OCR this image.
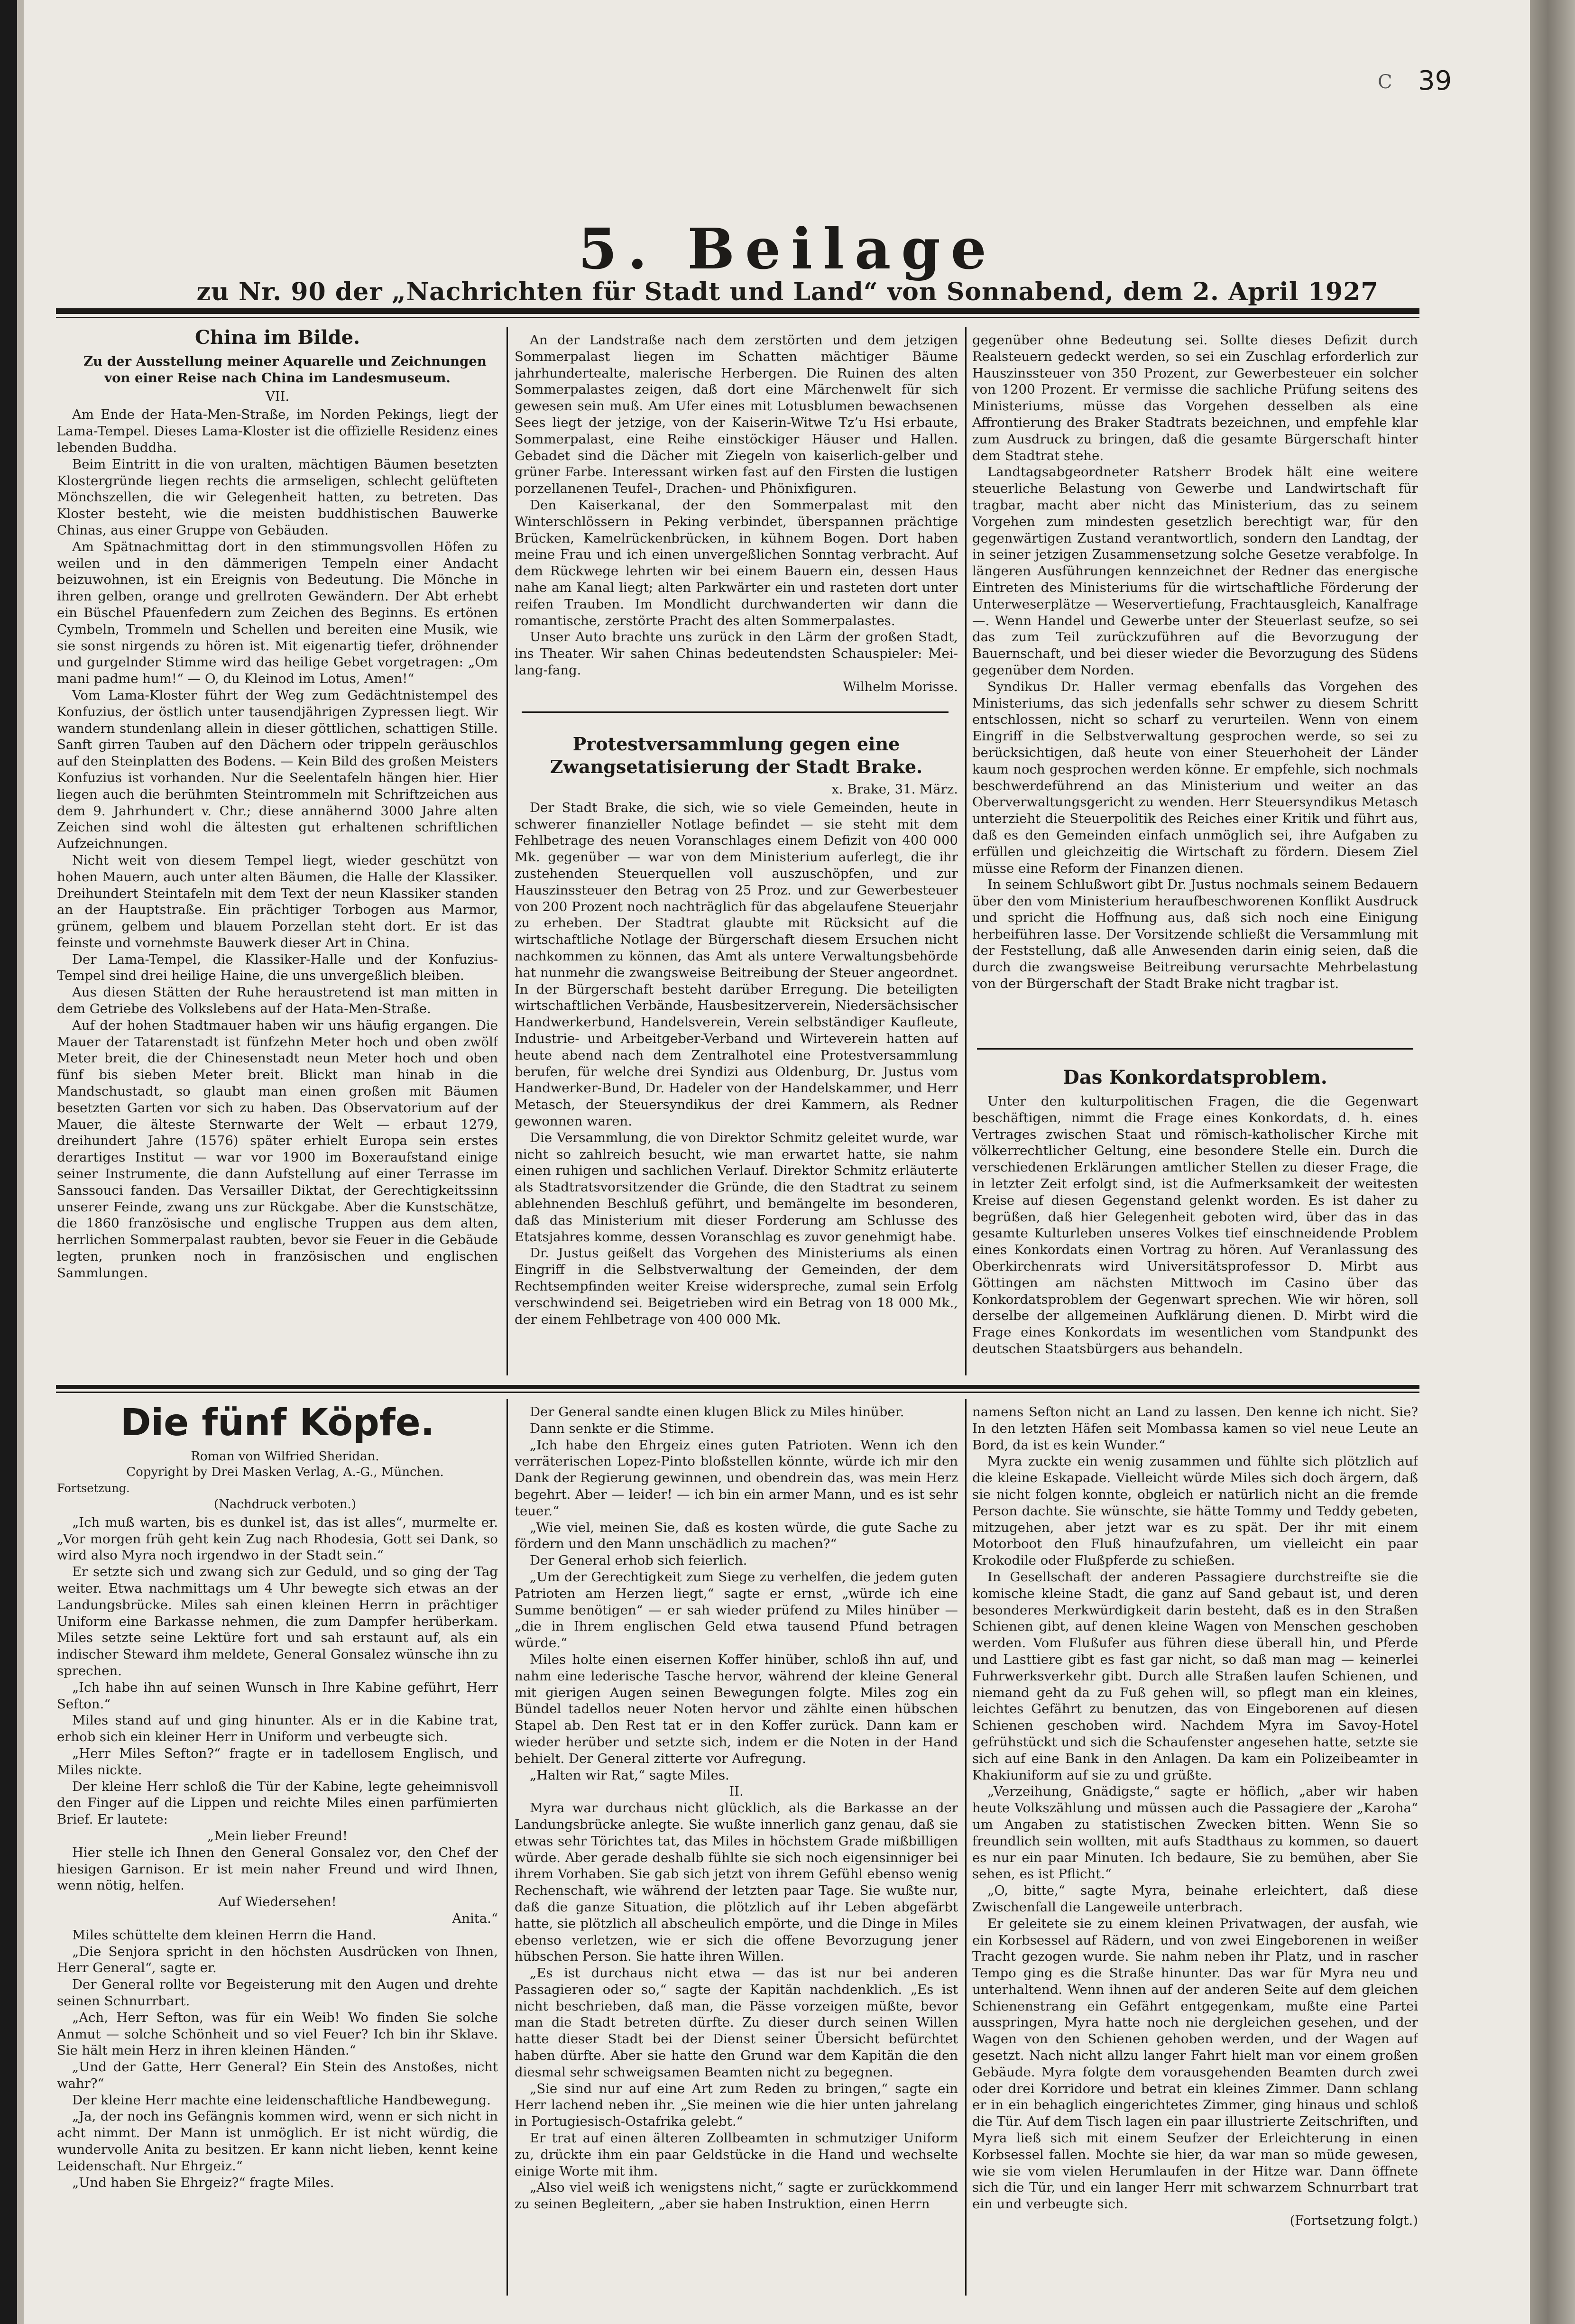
C 39
5. Beilage
zu Nr. 90 der „Nachrichten für Stadt und Land“ von Sonnabend, dem 2. April 1927
China im Bilde.

Zu der Ausstellung meiner Aquarelle und Zeichnungen von einer Reise nach China im Landesmuseum.

VII.

Am Ende der Hata-Men-Straße, im Norden Pekings, liegt der Lama-Tempel. Dieses Lama-Kloster ist die offizielle Residenz eines lebenden Buddha.

Beim Eintritt in die von uralten, mächtigen Bäumen besetzten Klostergründe liegen rechts die armseligen, schlecht gelüfteten Mönchszellen, die wir Gelegenheit hatten, zu betreten. Das Kloster besteht, wie die meisten buddhistischen Bauwerke Chinas, aus einer Gruppe von Gebäuden.

Am Spätnachmittag dort in den stimmungsvollen Höfen zu weilen und in den dämmerigen Tempeln einer Andacht beizuwohnen, ist ein Ereignis von Bedeutung. Die Mönche in ihren gelben, orange und grellroten Gewändern. Der Abt erhebt ein Büschel Pfauenfedern zum Zeichen des Beginns. Es ertönen Cymbeln, Trommeln und Schellen und bereiten eine Musik, wie sie sonst nirgends zu hören ist. Mit eigenartig tiefer, dröhnender und gurgelnder Stimme wird das heilige Gebet vorgetragen: „Om mani padme hum!“ — O, du Kleinod im Lotus, Amen!“

Vom Lama-Kloster führt der Weg zum Gedächtnistempel des Konfuzius, der östlich unter tausendjährigen Zypressen liegt. Wir wandern stundenlang allein in dieser göttlichen, schattigen Stille. Sanft girren Tauben auf den Dächern oder trippeln geräuschlos auf den Steinplatten des Bodens. — Kein Bild des großen Meisters Konfuzius ist vorhanden. Nur die Seelentafeln hängen hier. Hier liegen auch die berühmten Steintrommeln mit Schriftzeichen aus dem 9. Jahrhundert v. Chr.; diese annähernd 3000 Jahre alten Zeichen sind wohl die ältesten gut erhaltenen schriftlichen Aufzeichnungen.

Nicht weit von diesem Tempel liegt, wieder geschützt von hohen Mauern, auch unter alten Bäumen, die Halle der Klassiker. Dreihundert Steintafeln mit dem Text der neun Klassiker standen an der Hauptstraße. Ein prächtiger Torbogen aus Marmor, grünem, gelbem und blauem Porzellan steht dort. Er ist das feinste und vornehmste Bauwerk dieser Art in China.

Der Lama-Tempel, die Klassiker-Halle und der Konfuzius-Tempel sind drei heilige Haine, die uns unvergeßlich bleiben.

Aus diesen Stätten der Ruhe heraustretend ist man mitten in dem Getriebe des Volkslebens auf der Hata-Men-Straße.

Auf der hohen Stadtmauer haben wir uns häufig ergangen. Die Mauer der Tatarenstadt ist fünfzehn Meter hoch und oben zwölf Meter breit, die der Chinesenstadt neun Meter hoch und oben fünf bis sieben Meter breit. Blickt man hinab in die Mandschustadt, so glaubt man einen großen mit Bäumen besetzten Garten vor sich zu haben. Das Observatorium auf der Mauer, die älteste Sternwarte der Welt — erbaut 1279, dreihundert Jahre (1576) später erhielt Europa sein erstes derartiges Institut — war vor 1900 im Boxeraufstand einige seiner Instrumente, die dann Aufstellung auf einer Terrasse im Sanssouci fanden. Das Versailler Diktat, der Gerechtigkeitssinn unserer Feinde, zwang uns zur Rückgabe. Aber die Kunstschätze, die 1860 französische und englische Truppen aus dem alten, herrlichen Sommerpalast raubten, bevor sie Feuer in die Gebäude legten, prunken noch in französischen und englischen Sammlungen.

An der Landstraße nach dem zerstörten und dem jetzigen Sommerpalast liegen im Schatten mächtiger Bäume jahrhundertealte, malerische Herbergen. Die Ruinen des alten Sommerpalastes zeigen, daß dort eine Märchenwelt für sich gewesen sein muß. Am Ufer eines mit Lotusblumen bewachsenen Sees liegt der jetzige, von der Kaiserin-Witwe Tz’u Hsi erbaute, Sommerpalast, eine Reihe einstöckiger Häuser und Hallen. Gebadet sind die Dächer mit Ziegeln von kaiserlich-gelber und grüner Farbe. Interessant wirken fast auf den Firsten die lustigen porzellanenen Teufel-, Drachen- und Phönixfiguren.

Den Kaiserkanal, der den Sommerpalast mit den Winterschlössern in Peking verbindet, überspannen prächtige Brücken, Kamelrückenbrücken, in kühnem Bogen. Dort haben meine Frau und ich einen unvergeßlichen Sonntag verbracht. Auf dem Rückwege lehrten wir bei einem Bauern ein, dessen Haus nahe am Kanal liegt; alten Parkwärter ein und rasteten dort unter reifen Trauben. Im Mondlicht durchwanderten wir dann die romantische, zerstörte Pracht des alten Sommerpalastes.

Unser Auto brachte uns zurück in den Lärm der großen Stadt, ins Theater. Wir sahen Chinas bedeutendsten Schauspieler: Mei-lang-fang.

Wilhelm Morisse.

Protestversammlung gegen eine Zwangsetatisierung der Stadt Brake.

x. Brake, 31. März.

Der Stadt Brake, die sich, wie so viele Gemeinden, heute in schwerer finanzieller Notlage befindet — sie steht mit dem Fehlbetrage des neuen Voranschlages einem Defizit von 400 000 Mk. gegenüber — war von dem Ministerium auferlegt, die ihr zustehenden Steuerquellen voll auszuschöpfen, und zur Hauszinssteuer den Betrag von 25 Proz. und zur Gewerbesteuer von 200 Prozent noch nachträglich für das abgelaufene Steuerjahr zu erheben. Der Stadtrat glaubte mit Rücksicht auf die wirtschaftliche Notlage der Bürgerschaft diesem Ersuchen nicht nachkommen zu können, das Amt als untere Verwaltungsbehörde hat nunmehr die zwangsweise Beitreibung der Steuer angeordnet. In der Bürgerschaft besteht darüber Erregung. Die beteiligten wirtschaftlichen Verbände, Hausbesitzerverein, Niedersächsischer Handwerkerbund, Handelsverein, Verein selbständiger Kaufleute, Industrie- und Arbeitgeber-Verband und Wirteverein hatten auf heute abend nach dem Zentralhotel eine Protestversammlung berufen, für welche drei Syndizi aus Oldenburg, Dr. Justus vom Handwerker-Bund, Dr. Hadeler von der Handelskammer, und Herr Metasch, der Steuersyndikus der drei Kammern, als Redner gewonnen waren.

Die Versammlung, die von Direktor Schmitz geleitet wurde, war nicht so zahlreich besucht, wie man erwartet hatte, sie nahm einen ruhigen und sachlichen Verlauf. Direktor Schmitz erläuterte als Stadtratsvorsitzender die Gründe, die den Stadtrat zu seinem ablehnenden Beschluß geführt, und bemängelte im besonderen, daß das Ministerium mit dieser Forderung am Schlusse des Etatsjahres komme, dessen Voranschlag es zuvor genehmigt habe.

Dr. Justus geißelt das Vorgehen des Ministeriums als einen Eingriff in die Selbstverwaltung der Gemeinden, der dem Rechtsempfinden weiter Kreise widerspreche, zumal sein Erfolg verschwindend sei. Beigetrieben wird ein Betrag von 18 000 Mk., der einem Fehlbetrage von 400 000 Mk.

gegenüber ohne Bedeutung sei. Sollte dieses Defizit durch Realsteuern gedeckt werden, so sei ein Zuschlag erforderlich zur Hauszinssteuer von 350 Prozent, zur Gewerbesteuer ein solcher von 1200 Prozent. Er vermisse die sachliche Prüfung seitens des Ministeriums, müsse das Vorgehen desselben als eine Affrontierung des Braker Stadtrats bezeichnen, und empfehle klar zum Ausdruck zu bringen, daß die gesamte Bürgerschaft hinter dem Stadtrat stehe.

Landtagsabgeordneter Ratsherr Brodek hält eine weitere steuerliche Belastung von Gewerbe und Landwirtschaft für tragbar, macht aber nicht das Ministerium, das zu seinem Vorgehen zum mindesten gesetzlich berechtigt war, für den gegenwärtigen Zustand verantwortlich, sondern den Landtag, der in seiner jetzigen Zusammensetzung solche Gesetze verabfolge. In längeren Ausführungen kennzeichnet der Redner das energische Eintreten des Ministeriums für die wirtschaftliche Förderung der Unterweserplätze — Weservertiefung, Frachtausgleich, Kanalfrage —. Wenn Handel und Gewerbe unter der Steuerlast seufze, so sei das zum Teil zurückzuführen auf die Bevorzugung der Bauernschaft, und bei dieser wieder die Bevorzugung des Südens gegenüber dem Norden.

Syndikus Dr. Haller vermag ebenfalls das Vorgehen des Ministeriums, das sich jedenfalls sehr schwer zu diesem Schritt entschlossen, nicht so scharf zu verurteilen. Wenn von einem Eingriff in die Selbstverwaltung gesprochen werde, so sei zu berücksichtigen, daß heute von einer Steuerhoheit der Länder kaum noch gesprochen werden könne. Er empfehle, sich nochmals beschwerdeführend an das Ministerium und weiter an das Oberverwaltungsgericht zu wenden. Herr Steuersyndikus Metasch unterzieht die Steuerpolitik des Reiches einer Kritik und führt aus, daß es den Gemeinden einfach unmöglich sei, ihre Aufgaben zu erfüllen und gleichzeitig die Wirtschaft zu fördern. Diesem Ziel müsse eine Reform der Finanzen dienen.

In seinem Schlußwort gibt Dr. Justus nochmals seinem Bedauern über den vom Ministerium heraufbeschworenen Konflikt Ausdruck und spricht die Hoffnung aus, daß sich noch eine Einigung herbeiführen lasse. Der Vorsitzende schließt die Versammlung mit der Feststellung, daß alle Anwesenden darin einig seien, daß die durch die zwangsweise Beitreibung verursachte Mehrbelastung von der Bürgerschaft der Stadt Brake nicht tragbar ist.

Das Konkordatsproblem.

Unter den kulturpolitischen Fragen, die die Gegenwart beschäftigen, nimmt die Frage eines Konkordats, d. h. eines Vertrages zwischen Staat und römisch-katholischer Kirche mit völkerrechtlicher Geltung, eine besondere Stelle ein. Durch die verschiedenen Erklärungen amtlicher Stellen zu dieser Frage, die in letzter Zeit erfolgt sind, ist die Aufmerksamkeit der weitesten Kreise auf diesen Gegenstand gelenkt worden. Es ist daher zu begrüßen, daß hier Gelegenheit geboten wird, über das in das gesamte Kulturleben unseres Volkes tief einschneidende Problem eines Konkordats einen Vortrag zu hören. Auf Veranlassung des Oberkirchenrats wird Universitätsprofessor D. Mirbt aus Göttingen am nächsten Mittwoch im Casino über das Konkordatsproblem der Gegenwart sprechen. Wie wir hören, soll derselbe der allgemeinen Aufklärung dienen. D. Mirbt wird die Frage eines Konkordats im wesentlichen vom Standpunkt des deutschen Staatsbürgers aus behandeln.

Die fünf Köpfe.

Roman von Wilfried Sheridan.

Copyright by Drei Masken Verlag, A.-G., München.

Fortsetzung.

(Nachdruck verboten.)

„Ich muß warten, bis es dunkel ist, das ist alles“, murmelte er. „Vor morgen früh geht kein Zug nach Rhodesia, Gott sei Dank, so wird also Myra noch irgendwo in der Stadt sein.“

Er setzte sich und zwang sich zur Geduld, und so ging der Tag weiter. Etwa nachmittags um 4 Uhr bewegte sich etwas an der Landungsbrücke. Miles sah einen kleinen Herrn in prächtiger Uniform eine Barkasse nehmen, die zum Dampfer herüberkam. Miles setzte seine Lektüre fort und sah erstaunt auf, als ein indischer Steward ihm meldete, General Gonsalez wünsche ihn zu sprechen.

„Ich habe ihn auf seinen Wunsch in Ihre Kabine geführt, Herr Sefton.“

Miles stand auf und ging hinunter. Als er in die Kabine trat, erhob sich ein kleiner Herr in Uniform und verbeugte sich.

„Herr Miles Sefton?“ fragte er in tadellosem Englisch, und Miles nickte.

Der kleine Herr schloß die Tür der Kabine, legte geheimnisvoll den Finger auf die Lippen und reichte Miles einen parfümierten Brief. Er lautete:

„Mein lieber Freund!

Hier stelle ich Ihnen den General Gonsalez vor, den Chef der hiesigen Garnison. Er ist mein naher Freund und wird Ihnen, wenn nötig, helfen.

Auf Wiedersehen!

Anita.“

Miles schüttelte dem kleinen Herrn die Hand.

„Die Senjora spricht in den höchsten Ausdrücken von Ihnen, Herr General“, sagte er.

Der General rollte vor Begeisterung mit den Augen und drehte seinen Schnurrbart.

„Ach, Herr Sefton, was für ein Weib! Wo finden Sie solche Anmut — solche Schönheit und so viel Feuer? Ich bin ihr Sklave. Sie hält mein Herz in ihren kleinen Händen.“

„Und der Gatte, Herr General? Ein Stein des Anstoßes, nicht wahr?“

Der kleine Herr machte eine leidenschaftliche Handbewegung.

„Ja, der noch ins Gefängnis kommen wird, wenn er sich nicht in acht nimmt. Der Mann ist unmöglich. Er ist nicht würdig, die wundervolle Anita zu besitzen. Er kann nicht lieben, kennt keine Leidenschaft. Nur Ehrgeiz.“

„Und haben Sie Ehrgeiz?“ fragte Miles.

Der General sandte einen klugen Blick zu Miles hinüber.

Dann senkte er die Stimme.

„Ich habe den Ehrgeiz eines guten Patrioten. Wenn ich den verräterischen Lopez-Pinto bloßstellen könnte, würde ich mir den Dank der Regierung gewinnen, und obendrein das, was mein Herz begehrt. Aber — leider! — ich bin ein armer Mann, und es ist sehr teuer.“

„Wie viel, meinen Sie, daß es kosten würde, die gute Sache zu fördern und den Mann unschädlich zu machen?“

Der General erhob sich feierlich.

„Um der Gerechtigkeit zum Siege zu verhelfen, die jedem guten Patrioten am Herzen liegt,“ sagte er ernst, „würde ich eine Summe benötigen“ — er sah wieder prüfend zu Miles hinüber — „die in Ihrem englischen Geld etwa tausend Pfund betragen würde.“

Miles holte einen eisernen Koffer hinüber, schloß ihn auf, und nahm eine lederische Tasche hervor, während der kleine General mit gierigen Augen seinen Bewegungen folgte. Miles zog ein Bündel tadellos neuer Noten hervor und zählte einen hübschen Stapel ab. Den Rest tat er in den Koffer zurück. Dann kam er wieder herüber und setzte sich, indem er die Noten in der Hand behielt. Der General zitterte vor Aufregung.

„Halten wir Rat,“ sagte Miles.

II.

Myra war durchaus nicht glücklich, als die Barkasse an der Landungsbrücke anlegte. Sie wußte innerlich ganz genau, daß sie etwas sehr Törichtes tat, das Miles in höchstem Grade mißbilligen würde. Aber gerade deshalb fühlte sie sich noch eigensinniger bei ihrem Vorhaben. Sie gab sich jetzt von ihrem Gefühl ebenso wenig Rechenschaft, wie während der letzten paar Tage. Sie wußte nur, daß die ganze Situation, die plötzlich auf ihr Leben abgefärbt hatte, sie plötzlich all abscheulich empörte, und die Dinge in Miles ebenso verletzen, wie er sich die offene Bevorzugung jener hübschen Person. Sie hatte ihren Willen.

„Es ist durchaus nicht etwa — das ist nur bei anderen Passagieren oder so,“ sagte der Kapitän nachdenklich. „Es ist nicht beschrieben, daß man, die Pässe vorzeigen müßte, bevor man die Stadt betreten dürfte. Zu dieser durch seinen Willen hatte dieser Stadt bei der Dienst seiner Übersicht befürchtet haben dürfte. Aber sie hatte den Grund war dem Kapitän die den diesmal sehr schweigsamen Beamten nicht zu begegnen.

„Sie sind nur auf eine Art zum Reden zu bringen,“ sagte ein Herr lachend neben ihr. „Sie meinen wie die hier unten jahrelang in Portugiesisch-Ostafrika gelebt.“

Er trat auf einen älteren Zollbeamten in schmutziger Uniform zu, drückte ihm ein paar Geldstücke in die Hand und wechselte einige Worte mit ihm.

„Also viel weiß ich wenigstens nicht,“ sagte er zurückkommend zu seinen Begleitern, „aber sie haben Instruktion, einen Herrn

namens Sefton nicht an Land zu lassen. Den kenne ich nicht. Sie? In den letzten Häfen seit Mombassa kamen so viel neue Leute an Bord, da ist es kein Wunder.“

Myra zuckte ein wenig zusammen und fühlte sich plötzlich auf die kleine Eskapade. Vielleicht würde Miles sich doch ärgern, daß sie nicht folgen konnte, obgleich er natürlich nicht an die fremde Person dachte. Sie wünschte, sie hätte Tommy und Teddy gebeten, mitzugehen, aber jetzt war es zu spät. Der ihr mit einem Motorboot den Fluß hinaufzufahren, um vielleicht ein paar Krokodile oder Flußpferde zu schießen.

In Gesellschaft der anderen Passagiere durchstreifte sie die komische kleine Stadt, die ganz auf Sand gebaut ist, und deren besonderes Merkwürdigkeit darin besteht, daß es in den Straßen Schienen gibt, auf denen kleine Wagen von Menschen geschoben werden. Vom Flußufer aus führen diese überall hin, und Pferde und Lasttiere gibt es fast gar nicht, so daß man mag — keinerlei Fuhrwerksverkehr gibt. Durch alle Straßen laufen Schienen, und niemand geht da zu Fuß gehen will, so pflegt man ein kleines, leichtes Gefährt zu benutzen, das von Eingeborenen auf diesen Schienen geschoben wird. Nachdem Myra im Savoy-Hotel gefrühstückt und sich die Schaufenster angesehen hatte, setzte sie sich auf eine Bank in den Anlagen. Da kam ein Polizeibeamter in Khakiuniform auf sie zu und grüßte.

„Verzeihung, Gnädigste,“ sagte er höflich, „aber wir haben heute Volkszählung und müssen auch die Passagiere der „Karoha“ um Angaben zu statistischen Zwecken bitten. Wenn Sie so freundlich sein wollten, mit aufs Stadthaus zu kommen, so dauert es nur ein paar Minuten. Ich bedaure, Sie zu bemühen, aber Sie sehen, es ist Pflicht.“

„O, bitte,“ sagte Myra, beinahe erleichtert, daß diese Zwischenfall die Langeweile unterbrach.

Er geleitete sie zu einem kleinen Privatwagen, der ausfah, wie ein Korbsessel auf Rädern, und von zwei Eingeborenen in weißer Tracht gezogen wurde. Sie nahm neben ihr Platz, und in rascher Tempo ging es die Straße hinunter. Das war für Myra neu und unterhaltend. Wenn ihnen auf der anderen Seite auf dem gleichen Schienenstrang ein Gefährt entgegenkam, mußte eine Partei ausspringen, Myra hatte noch nie dergleichen gesehen, und der Wagen von den Schienen gehoben werden, und der Wagen auf gesetzt. Nach nicht allzu langer Fahrt hielt man vor einem großen Gebäude. Myra folgte dem vorausgehenden Beamten durch zwei oder drei Korridore und betrat ein kleines Zimmer. Dann schlang er in ein behaglich eingerichtetes Zimmer, ging hinaus und schloß die Tür. Auf dem Tisch lagen ein paar illustrierte Zeitschriften, und Myra ließ sich mit einem Seufzer der Erleichterung in einen Korbsessel fallen. Mochte sie hier, da war man so müde gewesen, wie sie vom vielen Herumlaufen in der Hitze war. Dann öffnete sich die Tür, und ein langer Herr mit schwarzem Schnurrbart trat ein und verbeugte sich.

(Fortsetzung folgt.)
